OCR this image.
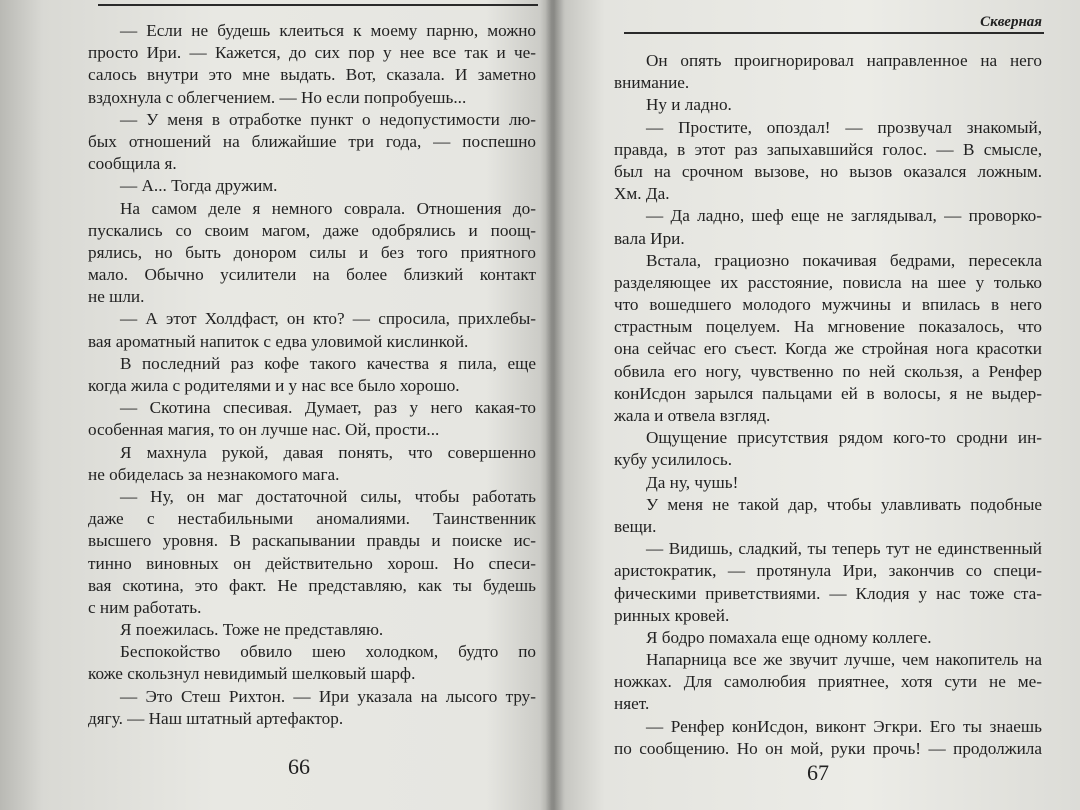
— Если не будешь клеиться к моему парню, можно
просто Ири. — Кажется, до сих пор у нее все так и че-
салось внутри это мне выдать. Вот, сказала. И заметно
вздохнула с облегчением. — Но если попробуешь...
— У меня в отработке пункт о недопустимости лю-
бых отношений на ближайшие три года, — поспешно
сообщила я.
— А... Тогда дружим.
На самом деле я немного соврала. Отношения до-
пускались со своим магом, даже одобрялись и поощ-
рялись, но быть донором силы и без того приятного
мало. Обычно усилители на более близкий контакт
не шли.
— А этот Холдфаст, он кто? — спросила, прихлебы-
вая ароматный напиток с едва уловимой кислинкой.
В последний раз кофе такого качества я пила, еще
когда жила с родителями и у нас все было хорошо.
— Скотина спесивая. Думает, раз у него какая-то
особенная магия, то он лучше нас. Ой, прости...
Я махнула рукой, давая понять, что совершенно
не обиделась за незнакомого мага.
— Ну, он маг достаточной силы, чтобы работать
даже с нестабильными аномалиями. Таинственник
высшего уровня. В раскапывании правды и поиске ис-
тинно виновных он действительно хорош. Но спеси-
вая скотина, это факт. Не представляю, как ты будешь
с ним работать.
Я поежилась. Тоже не представляю.
Беспокойство обвило шею холодком, будто по
коже скользнул невидимый шелковый шарф.
— Это Стеш Рихтон. — Ири указала на лысого тру-
дягу. — Наш штатный артефактор.
66
Скверная
Он опять проигнорировал направленное на него
внимание.
Ну и ладно.
— Простите, опоздал! — прозвучал знакомый,
правда, в этот раз запыхавшийся голос. — В смысле,
был на срочном вызове, но вызов оказался ложным.
Хм. Да.
— Да ладно, шеф еще не заглядывал, — проворко-
вала Ири.
Встала, грациозно покачивая бедрами, пересекла
разделяющее их расстояние, повисла на шее у только
что вошедшего молодого мужчины и впилась в него
страстным поцелуем. На мгновение показалось, что
она сейчас его съест. Когда же стройная нога красотки
обвила его ногу, чувственно по ней скользя, а Ренфер
конИсдон зарылся пальцами ей в волосы, я не выдер-
жала и отвела взгляд.
Ощущение присутствия рядом кого-то сродни ин-
кубу усилилось.
Да ну, чушь!
У меня не такой дар, чтобы улавливать подобные
вещи.
— Видишь, сладкий, ты теперь тут не единственный
аристократик, — протянула Ири, закончив со специ-
фическими приветствиями. — Клодия у нас тоже ста-
ринных кровей.
Я бодро помахала еще одному коллеге.
Напарница все же звучит лучше, чем накопитель на
ножках. Для самолюбия приятнее, хотя сути не ме-
няет.
— Ренфер конИсдон, виконт Эгкри. Его ты знаешь
по сообщению. Но он мой, руки прочь! — продолжила
67
